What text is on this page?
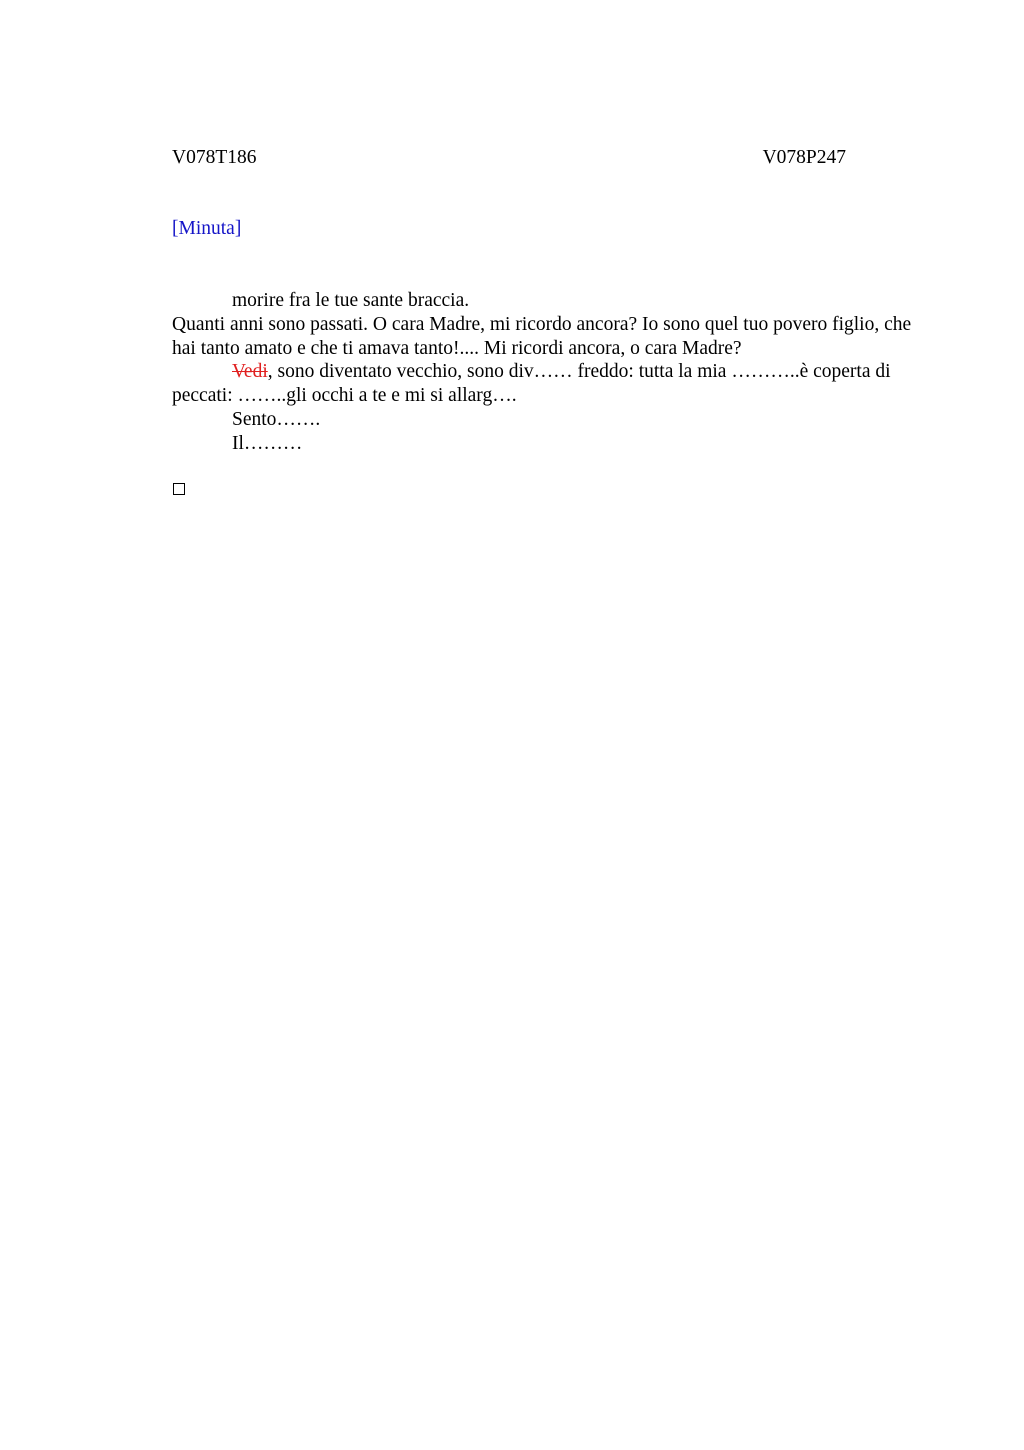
V078T186	V078P247
[Minuta]

morire fra le tue sante braccia.

Quanti anni sono passati. O cara Madre, mi ricordo ancora? Io sono quel tuo povero figlio, che hai tanto amato e che ti amava tanto!.... Mi ricordi ancora, o cara Madre?

Vedi, sono diventato vecchio, sono div…… freddo: tutta la mia ………..è coperta di peccati: ……..gli occhi a te e mi si allarg….

Sento…….

Il………
